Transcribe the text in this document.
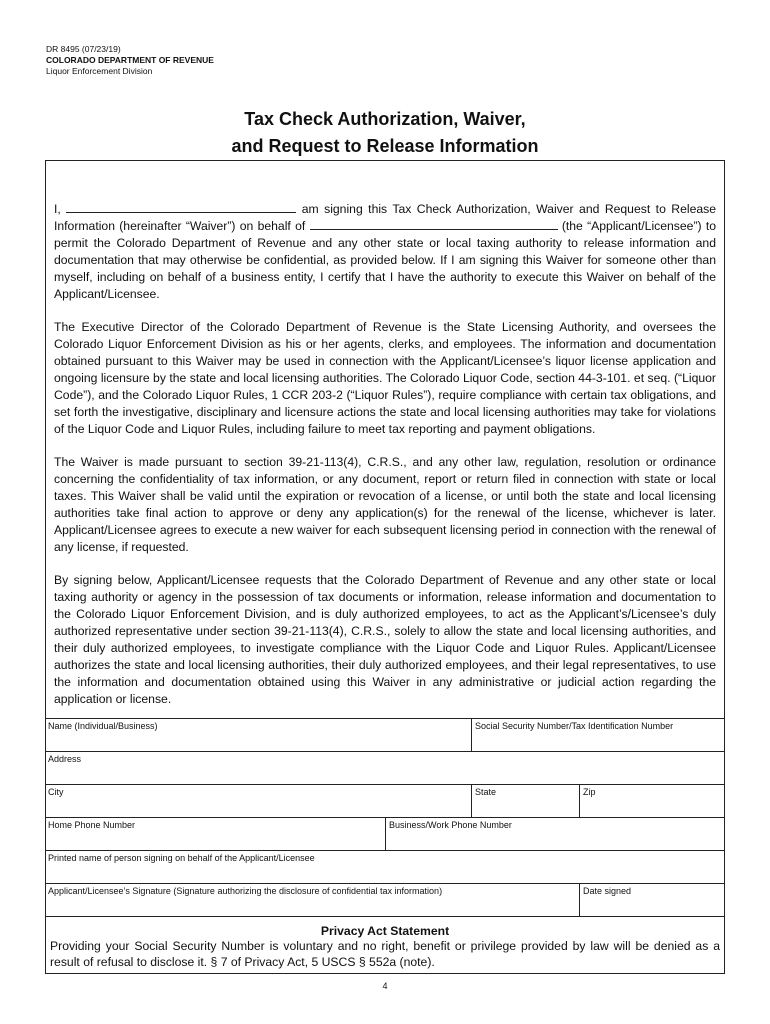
DR 8495 (07/23/19)
COLORADO DEPARTMENT OF REVENUE
Liquor Enforcement Division
Tax Check Authorization, Waiver,
and Request to Release Information

I,	am signing this Tax Check Authorization, Waiver and Request to Release Information (hereinafter “Waiver”) on behalf of	(the “Applicant/Licensee”) to permit the Colorado Department of Revenue and any other state or local taxing authority to release information and documentation that may otherwise be confidential, as provided below. If I am signing this Waiver for someone other than myself, including on behalf of a business entity, I certify that I have the authority to execute this Waiver on behalf of the Applicant/Licensee.

The Executive Director of the Colorado Department of Revenue is the State Licensing Authority, and oversees the Colorado Liquor Enforcement Division as his or her agents, clerks, and employees. The information and documentation obtained pursuant to this Waiver may be used in connection with the Applicant/Licensee’s liquor license application and ongoing licensure by the state and local licensing authorities. The Colorado Liquor Code, section 44-3-101. et seq. (“Liquor Code”), and the Colorado Liquor Rules, 1 CCR 203-2 (“Liquor Rules”), require compliance with certain tax obligations, and set forth the investigative, disciplinary and licensure actions the state and local licensing authorities may take for violations of the Liquor Code and Liquor Rules, including failure to meet tax reporting and payment obligations.

The Waiver is made pursuant to section 39-21-113(4), C.R.S., and any other law, regulation, resolution or ordinance concerning the confidentiality of tax information, or any document, report or return filed in connection with state or local taxes. This Waiver shall be valid until the expiration or revocation of a license, or until both the state and local licensing authorities take final action to approve or deny any application(s) for the renewal of the license, whichever is later. Applicant/Licensee agrees to execute a new waiver for each subsequent licensing period in connection with the renewal of any license, if requested.

By signing below, Applicant/Licensee requests that the Colorado Department of Revenue and any other state or local taxing authority or agency in the possession of tax documents or information, release information and documentation to the Colorado Liquor Enforcement Division, and is duly authorized employees, to act as the Applicant’s/Licensee’s duly authorized representative under section 39-21-113(4), C.R.S., solely to allow the state and local licensing authorities, and their duly authorized employees, to investigate compliance with the Liquor Code and Liquor Rules. Applicant/Licensee authorizes the state and local licensing authorities, their duly authorized employees, and their legal representatives, to use the information and documentation obtained using this Waiver in any administrative or judicial action regarding the application or license.

Name (Individual/Business)	Social Security Number/Tax Identification Number
Address
City	State	Zip
Home Phone Number	Business/Work Phone Number
Printed name of person signing on behalf of the Applicant/Licensee
Applicant/Licensee’s Signature (Signature authorizing the disclosure of confidential tax information)	Date signed
Privacy Act Statement
Providing your Social Security Number is voluntary and no right, benefit or privilege provided by law will be denied as a result of refusal to disclose it. § 7 of Privacy Act, 5 USCS § 552a (note).
4
